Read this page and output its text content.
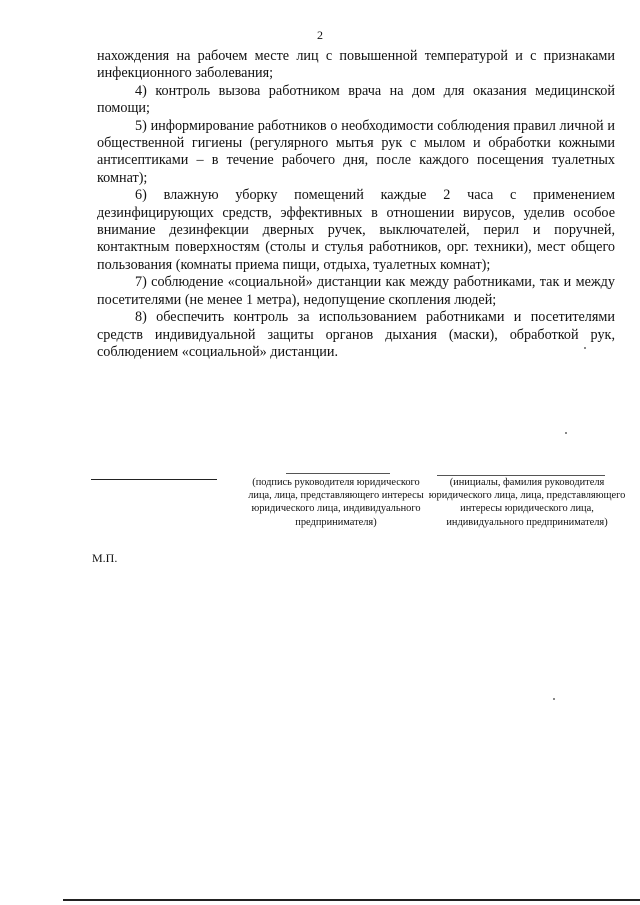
2

нахождения на рабочем месте лиц с повышенной температурой и с признаками инфекционного заболевания;

4) контроль вызова работником врача на дом для оказания медицинской помощи;

5) информирование работников о необходимости соблюдения правил личной и общественной гигиены (регулярного мытья рук с мылом и обработки кожными антисептиками – в течение рабочего дня, после каждого посещения туалетных комнат);

6) влажную уборку помещений каждые 2 часа с применением дезинфицирующих средств, эффективных в отношении вирусов, уделив особое внимание дезинфекции дверных ручек, выключателей, перил и поручней, контактным поверхностям (столы и стулья работников, орг. техники), мест общего пользования (комнаты приема пищи, отдыха, туалетных комнат);

7) соблюдение «социальной» дистанции как между работниками, так и между посетителями (не менее 1 метра), недопущение скопления людей;

8) обеспечить контроль за использованием работниками и посетителями средств индивидуальной защиты органов дыхания (маски), обработкой рук, соблюдением «социальной» дистанции.

(подпись руководителя юридического лица, лица, представляющего интересы юридического лица, индивидуального предпринимателя)
(инициалы, фамилия руководителя юридического лица, лица, представляющего интересы юридического лица, индивидуального предпринимателя)
М.П.
